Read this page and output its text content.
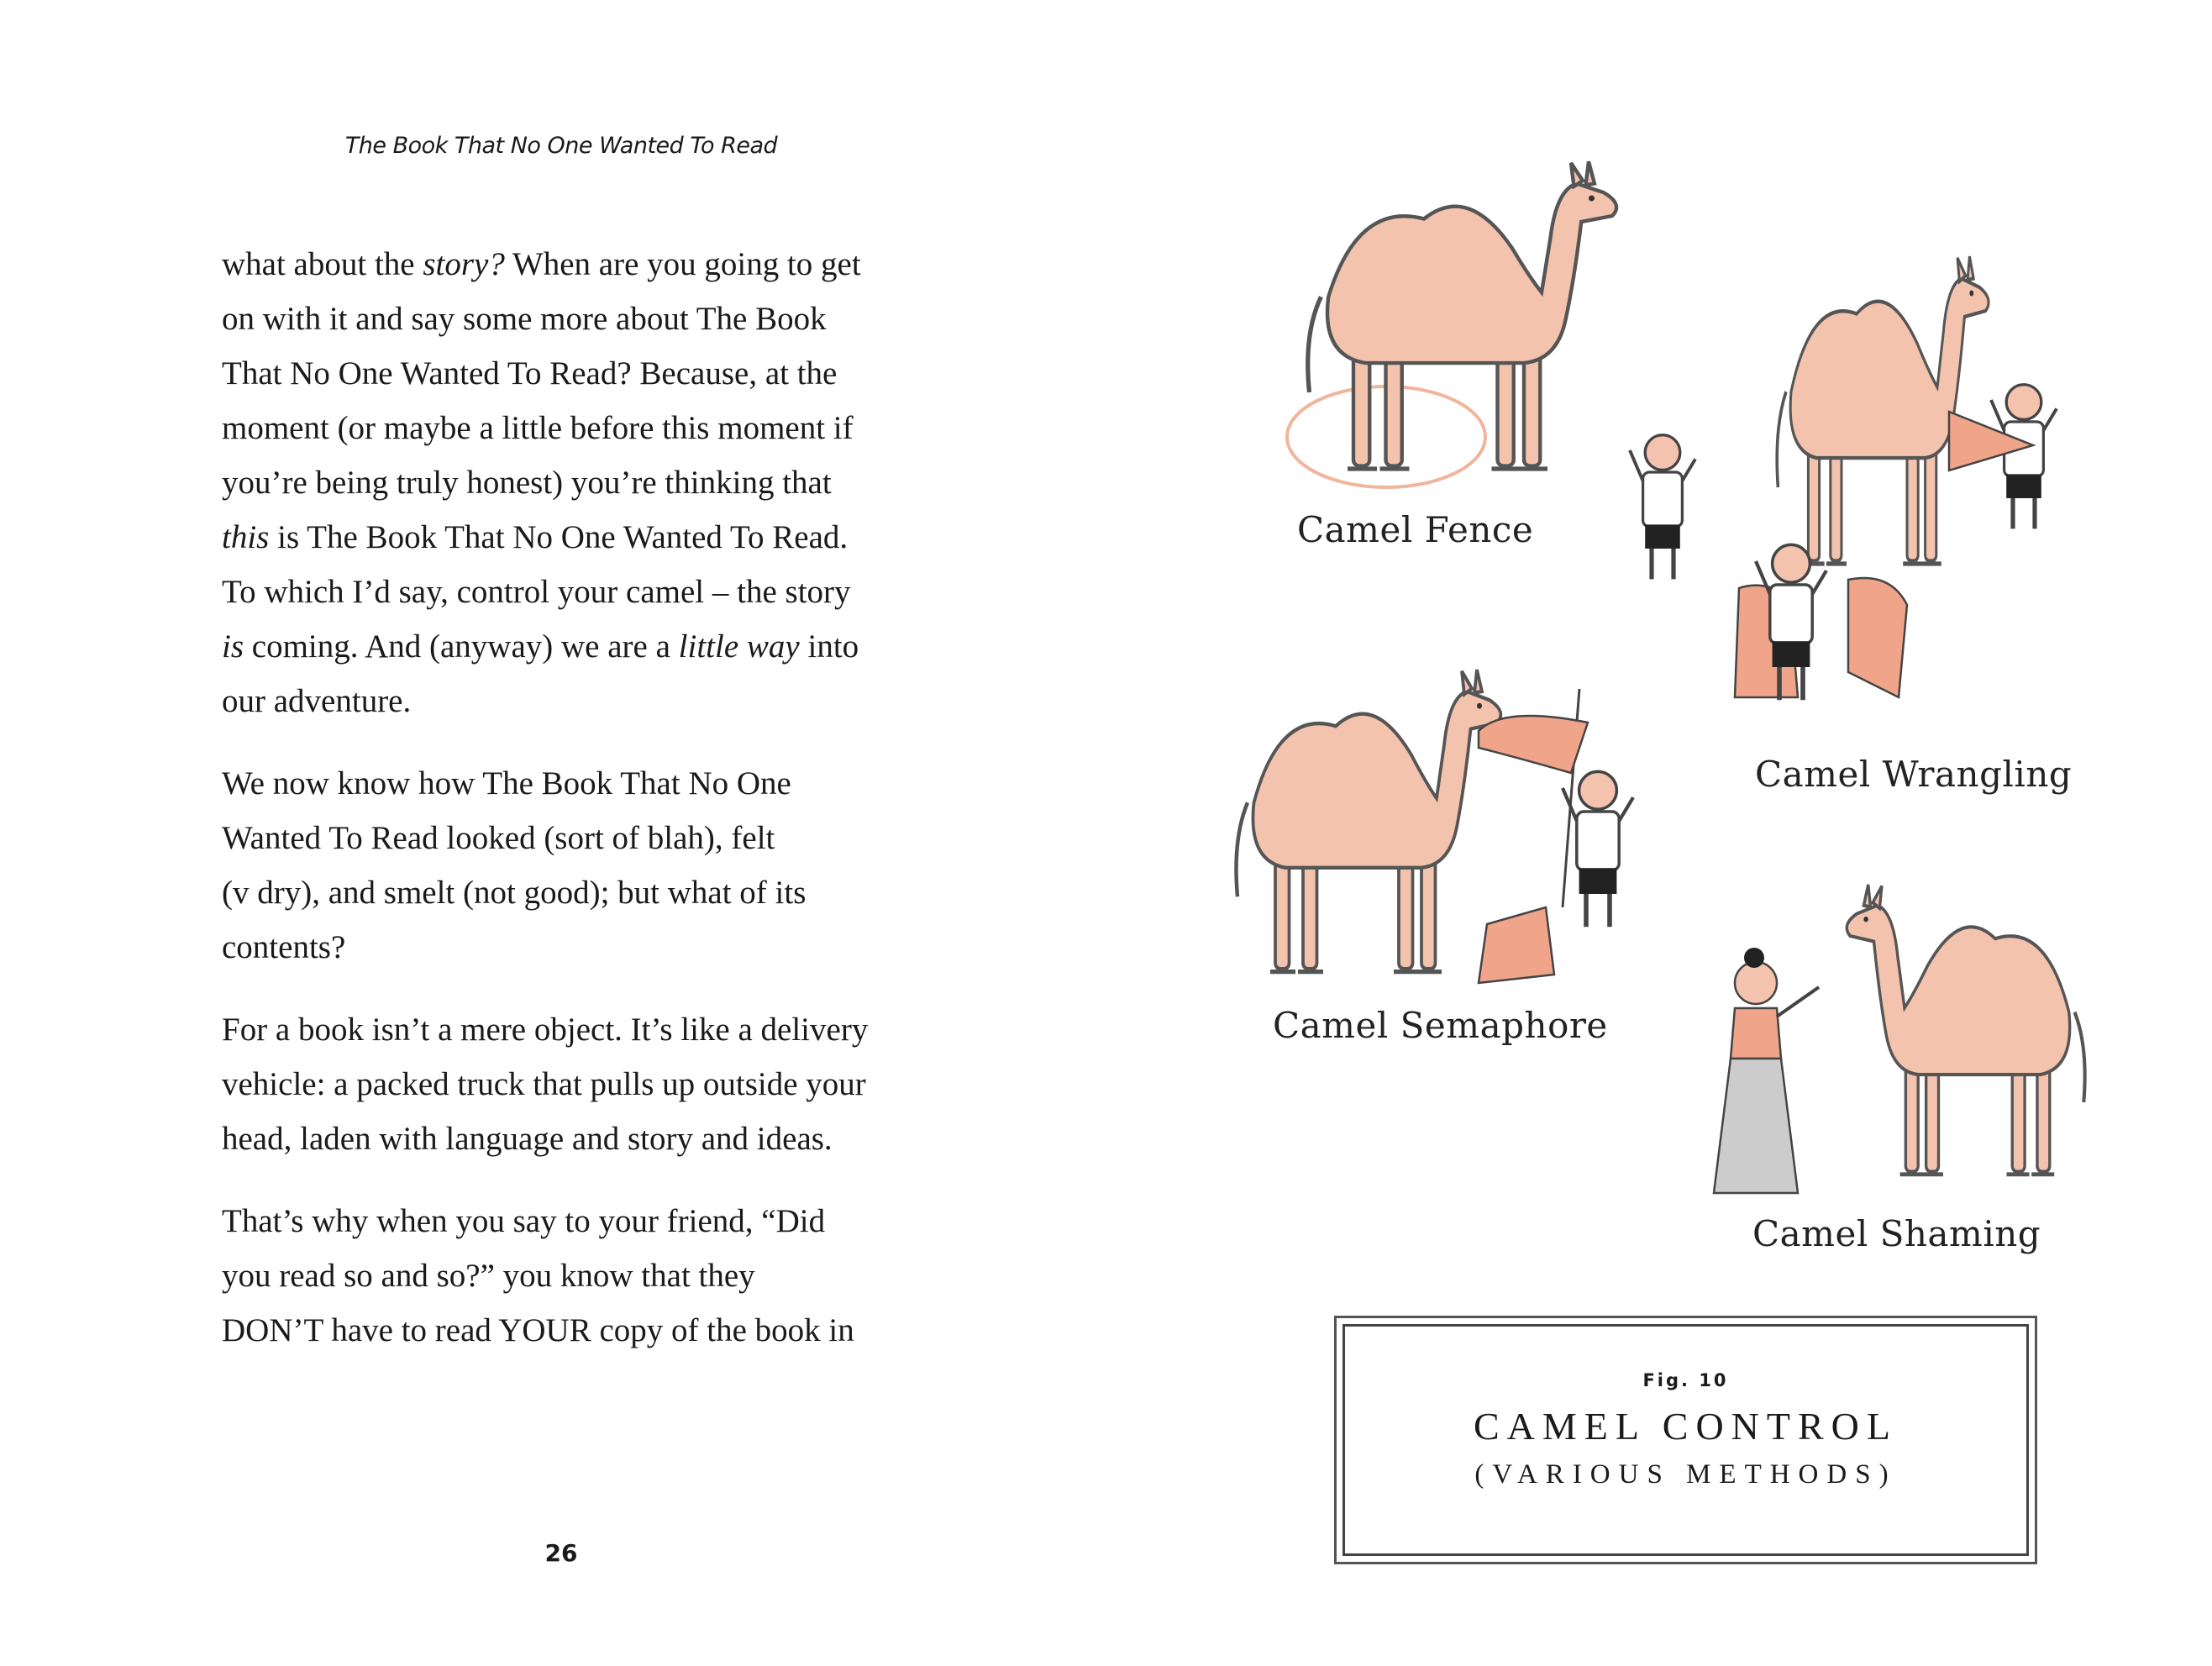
The Book That No One Wanted To Read
what about the story? When are you going to get
on with it and say some more about The Book
That No One Wanted To Read? Because, at the
moment (or maybe a little before this moment if
you’re being truly honest) you’re thinking that
this is The Book That No One Wanted To Read.
To which I’d say, control your camel – the story
is coming. And (anyway) we are a little way into
our adventure.
We now know how The Book That No One
Wanted To Read looked (sort of blah), felt
(v dry), and smelt (not good); but what of its
contents?
For a book isn’t a mere object. It’s like a delivery
vehicle: a packed truck that pulls up outside your
head, laden with language and story and ideas.
That’s why when you say to your friend, “Did
you read so and so?” you know that they
DON’T have to read YOUR copy of the book in
26
Camel Fence
Camel Wrangling
Camel Semaphore
Camel Shaming
Fig. 10
CAMEL CONTROL
(VARIOUS METHODS)
